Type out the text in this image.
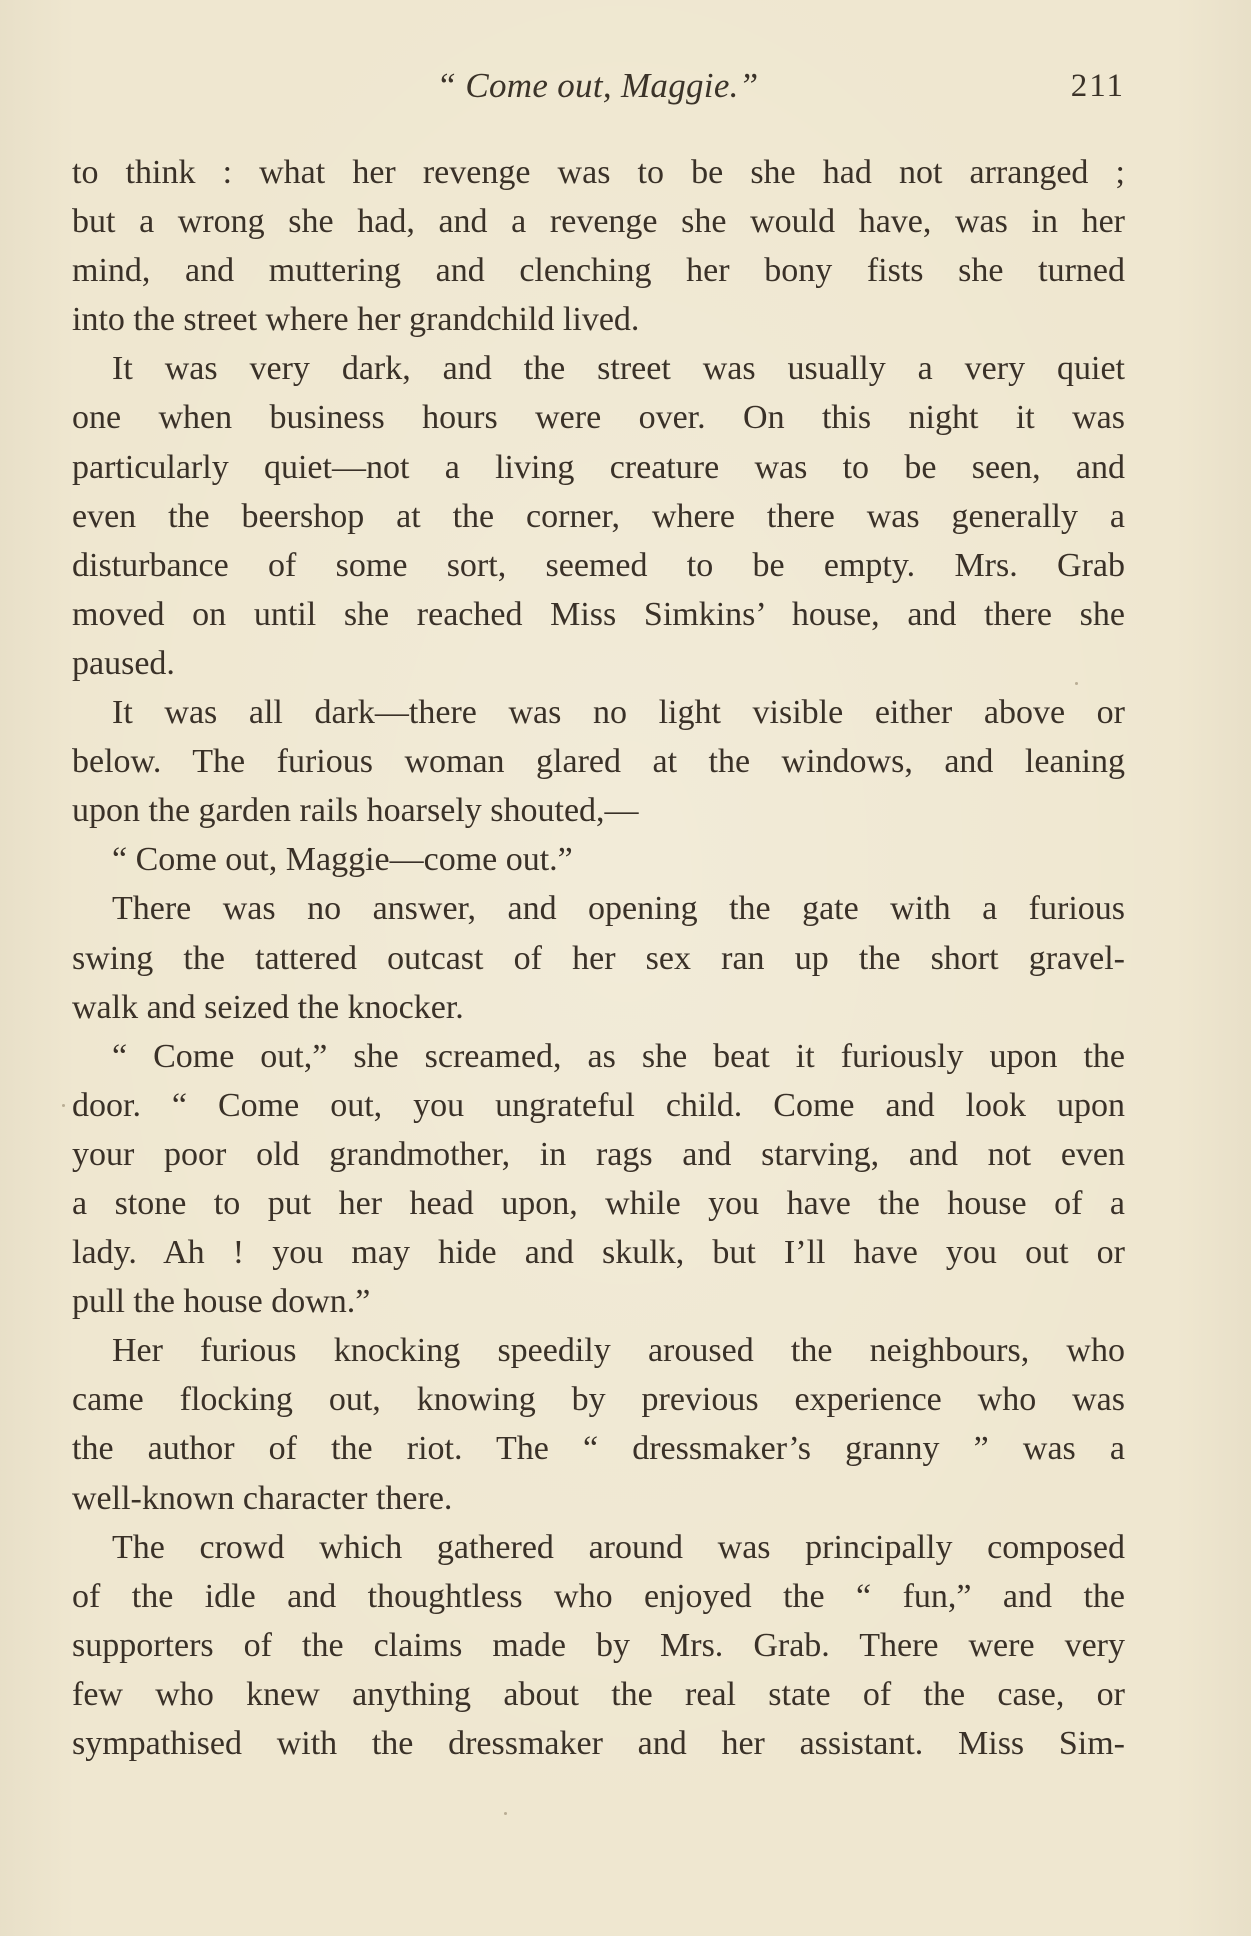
“ Come out, Maggie.”	211
to think : what her revenge was to be she had not arranged ;
but a wrong she had, and a revenge she would have, was in her
mind, and muttering and clenching her bony fists she turned
into the street where her grandchild lived.
It was very dark, and the street was usually a very quiet
one when business hours were over. On this night it was
particularly quiet—not a living creature was to be seen, and
even the beershop at the corner, where there was generally a
disturbance of some sort, seemed to be empty. Mrs. Grab
moved on until she reached Miss Simkins’ house, and there she
paused.
It was all dark—there was no light visible either above or
below. The furious woman glared at the windows, and leaning
upon the garden rails hoarsely shouted,—
“ Come out, Maggie—come out.”
There was no answer, and opening the gate with a furious
swing the tattered outcast of her sex ran up the short gravel-
walk and seized the knocker.
“ Come out,” she screamed, as she beat it furiously upon the
door. “ Come out, you ungrateful child. Come and look upon
your poor old grandmother, in rags and starving, and not even
a stone to put her head upon, while you have the house of a
lady. Ah ! you may hide and skulk, but I’ll have you out or
pull the house down.”
Her furious knocking speedily aroused the neighbours, who
came flocking out, knowing by previous experience who was
the author of the riot. The “ dressmaker’s granny ” was a
well-known character there.
The crowd which gathered around was principally composed
of the idle and thoughtless who enjoyed the “ fun,” and the
supporters of the claims made by Mrs. Grab. There were very
few who knew anything about the real state of the case, or
sympathised with the dressmaker and her assistant. Miss Sim-
